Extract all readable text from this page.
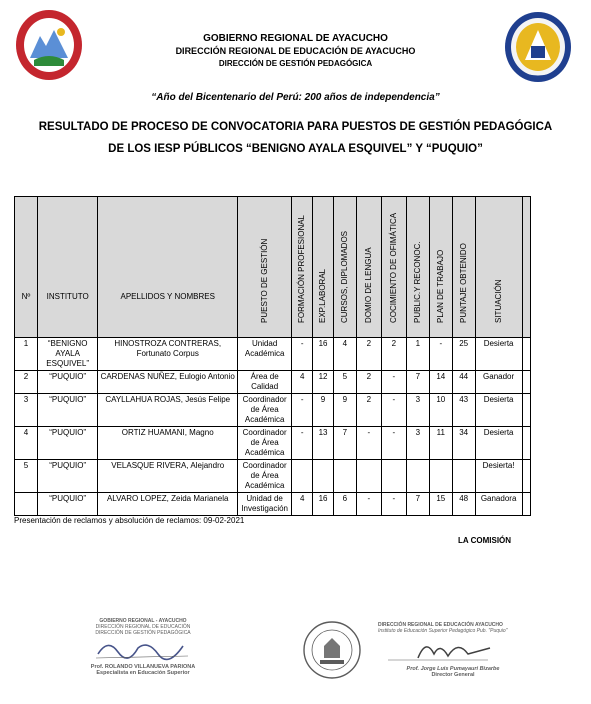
GOBIERNO REGIONAL DE AYACUCHO
DIRECCIÓN REGIONAL DE EDUCACIÓN DE AYACUCHO
DIRECCIÓN DE GESTIÓN PEDAGÓGICA
“Año del Bicentenario del Perú: 200 años de independencia”
RESULTADO DE PROCESO DE CONVOCATORIA PARA PUESTOS DE GESTIÓN PEDAGÓGICA
DE LOS IESP PÚBLICOS “BENIGNO AYALA ESQUIVEL” Y “PUQUIO”
Nº	INSTITUTO	APELLIDOS Y NOMBRES	PUESTO DE GESTIÓN	FORMACIÓN PROFESIONAL	EXP.LABORAL	CURSOS, DIPLOMADOS	DOMIO DE LENGUA	COCIMIENTO DE OFIMÁTICA	PUBLIC.Y RECONOC.	PLAN DE TRABAJO	PUNTAJE OBTENIDO	SITUACIÓN	

1	“BENIGNO AYALA ESQUIVEL”	HINOSTROZA CONTRERAS, Fortunato Corpus	Unidad Académica	-	16	4	2	2	1	-	25	Desierta	
2	“PUQUIO”	CARDENAS NUÑEZ, Eulogio Antonio	Área de Calidad	4	12	5	2	-	7	14	44	Ganador	
3	“PUQUIO”	CAYLLAHUA ROJAS, Jesús Felipe	Coordinador de Área Académica	-	9	9	2	-	3	10	43	Desierta	
4	“PUQUIO”	ORTIZ HUAMANI, Magno	Coordinador de Área Académica	-	13	7	-	-	3	11	34	Desierta	
5	“PUQUIO”	VELASQUE RIVERA, Alejandro	Coordinador de Área Académica									Desierta!	
	“PUQUIO”	ALVARO LOPEZ, Zeida Marianela	Unidad de Investigación	4	16	6	-	-	7	15	48	Ganadora	
Presentación de reclamos y absolución de reclamos: 09-02-2021
LA COMISIÓN
GOBIERNO REGIONAL - AYACUCHO
DIRECCIÓN REGIONAL DE EDUCACIÓN
DIRECCIÓN DE GESTIÓN PEDAGÓGICA
Prof. ROLANDO VILLANUEVA PARIONA
Especialista en Educación Superior
DIRECCIÓN REGIONAL DE EDUCACIÓN AYACUCHO
Instituto de Educación Superior Pedagógico Pub. "Puquio"
Prof. Jorge Luis Pumayauri Bizarbe
Director General
